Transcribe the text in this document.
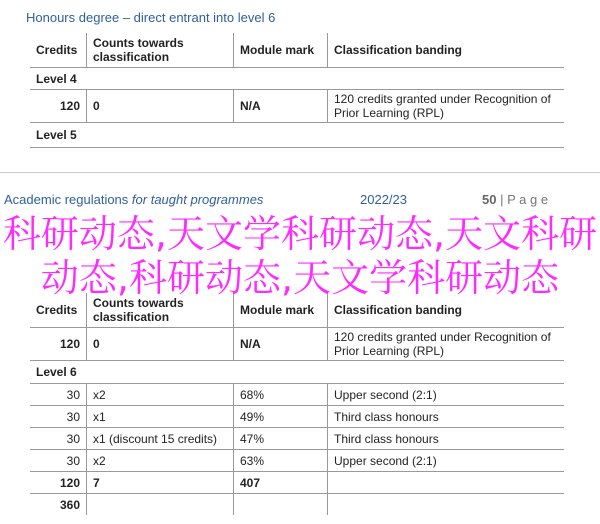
Honours degree – direct entrant into level 6
Credits	Counts towards classification	Module mark	Classification banding
Level 4			
120	0	N/A	120 credits granted under Recognition of Prior Learning (RPL)
Level 5			
Academic regulations for taught programmes	2022/23	50 | P a g e
Credits	Counts towards classification	Module mark	Classification banding
120	0	N/A	120 credits granted under Recognition of Prior Learning (RPL)
Level 6			
30	x2	68%	Upper second (2:1)
30	x1	49%	Third class honours
30	x1 (discount 15 credits)	47%	Third class honours
30	x2	63%	Upper second (2:1)
120	7	407	
360			
科研动态,天文学科研动态,天文科研动态,科研动态,天文学科研动态
